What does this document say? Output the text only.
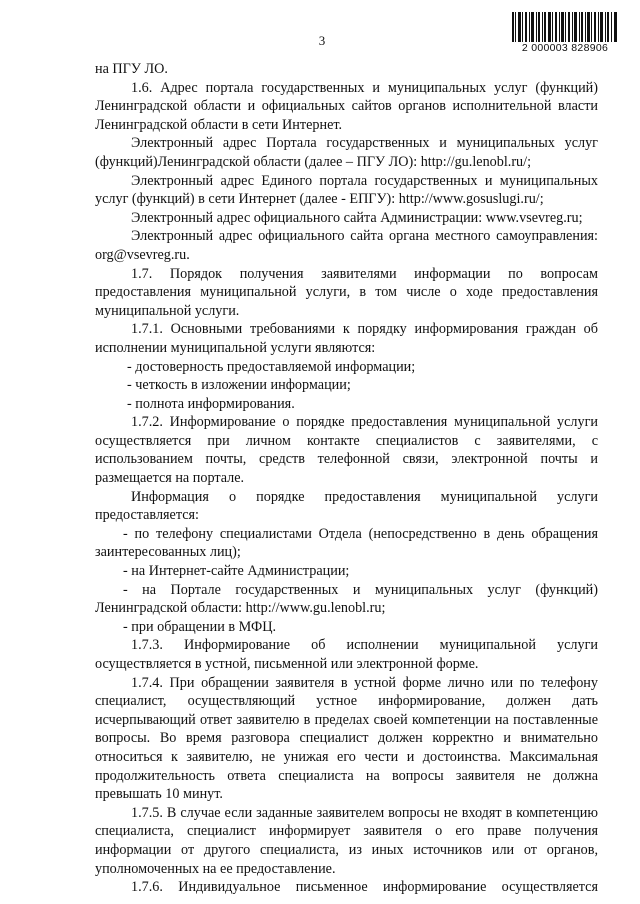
3	2 000003 828906

на ПГУ ЛО.

1.6. Адрес портала государственных и муниципальных услуг (функций) Ленинградской области и официальных сайтов органов исполнительной власти Ленинградской области в сети Интернет.

Электронный адрес Портала государственных и муниципальных услуг (функций)Ленинградской области (далее – ПГУ ЛО): http://gu.lenobl.ru/;

Электронный адрес Единого портала государственных и муниципальных услуг (функций) в сети Интернет (далее - ЕПГУ): http://www.gosuslugi.ru/;

Электронный адрес официального сайта Администрации: www.vsevreg.ru;

Электронный адрес официального сайта органа местного самоуправления: org@vsevreg.ru.

1.7. Порядок получения заявителями информации по вопросам предоставления муниципальной услуги, в том числе о ходе предоставления муниципальной услуги.

1.7.1. Основными требованиями к порядку информирования граждан об исполнении муниципальной услуги являются:

- достоверность предоставляемой информации;

- четкость в изложении информации;

- полнота информирования.

1.7.2. Информирование о порядке предоставления муниципальной услуги осуществляется при личном контакте специалистов с заявителями, с использованием почты, средств телефонной связи, электронной почты и размещается на портале.

Информация о порядке предоставления муниципальной услуги предоставляется:

- по телефону специалистами Отдела (непосредственно в день обращения заинтересованных лиц);

- на Интернет-сайте Администрации;

- на Портале государственных и муниципальных услуг (функций) Ленинградской области: http://www.gu.lenobl.ru;

- при обращении в МФЦ.

1.7.3. Информирование об исполнении муниципальной услуги осуществляется в устной, письменной или электронной форме.

1.7.4. При обращении заявителя в устной форме лично или по телефону специалист, осуществляющий устное информирование, должен дать исчерпывающий ответ заявителю в пределах своей компетенции на поставленные вопросы. Во время разговора специалист должен корректно и внимательно относиться к заявителю, не унижая его чести и достоинства. Максимальная продолжительность ответа специалиста на вопросы заявителя не должна превышать 10 минут.

1.7.5. В случае если заданные заявителем вопросы не входят в компетенцию специалиста, специалист информирует заявителя о его праве получения информации от другого специалиста, из иных источников или от органов, уполномоченных на ее предоставление.

1.7.6. Индивидуальное письменное информирование осуществляется
